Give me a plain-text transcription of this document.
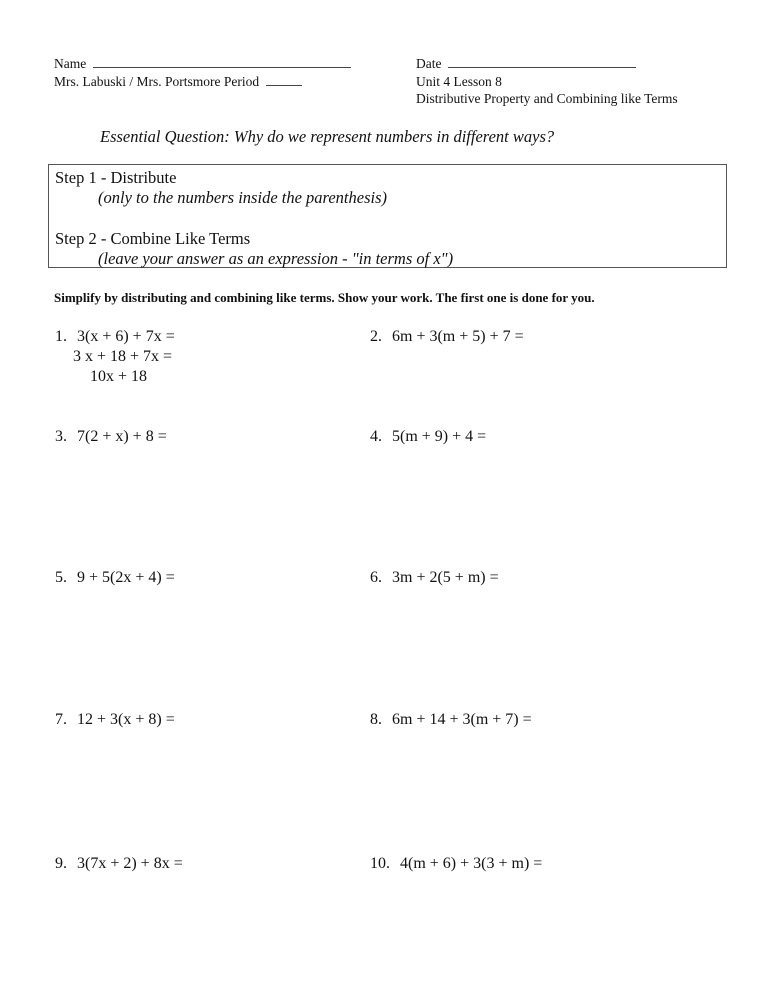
Name
Mrs. Labuski / Mrs. Portsmore Period
Date
Unit 4 Lesson 8
Distributive Property and Combining like Terms
Essential Question: Why do we represent numbers in different ways?
Step 1 - Distribute
(only to the numbers inside the parenthesis)
Step 2 - Combine Like Terms
(leave your answer as an expression - "in terms of x")
Simplify by distributing and combining like terms. Show your work. The first one is done for you.
1. 3(x + 6) + 7x =
3 x + 18 + 7x =
10x + 18
2. 6m + 3(m + 5) + 7 =
3. 7(2 + x) + 8 =	4. 5(m + 9) + 4 =
5. 9 + 5(2x + 4) =	6. 3m + 2(5 + m) =
7. 12 + 3(x + 8) =	8. 6m + 14 + 3(m + 7) =
9. 3(7x + 2) + 8x =	10. 4(m + 6) + 3(3 + m) =
